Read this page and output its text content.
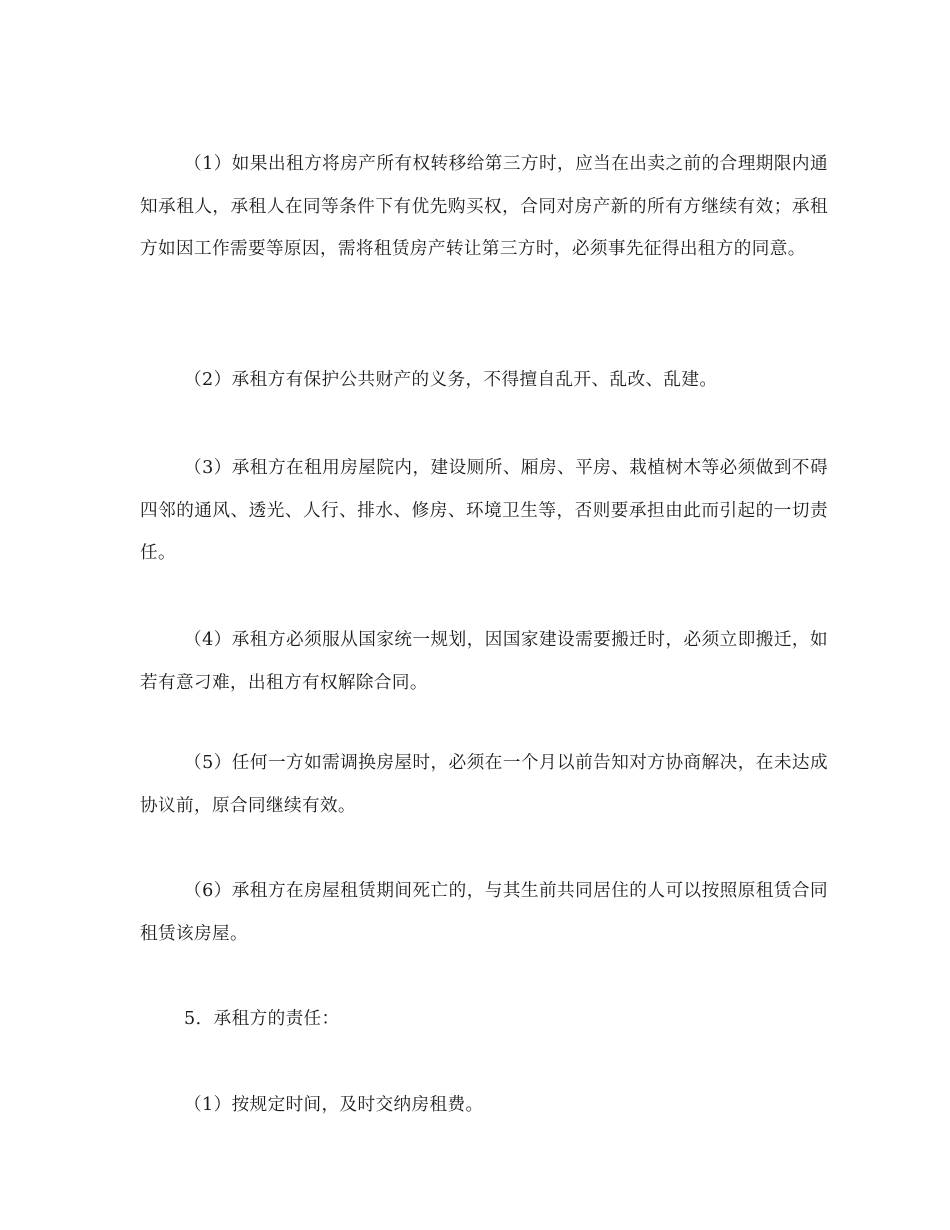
（1）如果出租方将房产所有权转移给第三方时，应当在出卖之前的合理期限内通知承租人，承租人在同等条件下有优先购买权，合同对房产新的所有方继续有效；承租方如因工作需要等原因，需将租赁房产转让第三方时，必须事先征得出租方的同意。

（2）承租方有保护公共财产的义务，不得擅自乱开、乱改、乱建。

（3）承租方在租用房屋院内，建设厕所、厢房、平房、栽植树木等必须做到不碍四邻的通风、透光、人行、排水、修房、环境卫生等，否则要承担由此而引起的一切责任。

（4）承租方必须服从国家统一规划，因国家建设需要搬迁时，必须立即搬迁，如若有意刁难，出租方有权解除合同。

（5）任何一方如需调换房屋时，必须在一个月以前告知对方协商解决，在未达成协议前，原合同继续有效。

（6）承租方在房屋租赁期间死亡的，与其生前共同居住的人可以按照原租赁合同租赁该房屋。

5．承租方的责任：

（1）按规定时间，及时交纳房租费。
